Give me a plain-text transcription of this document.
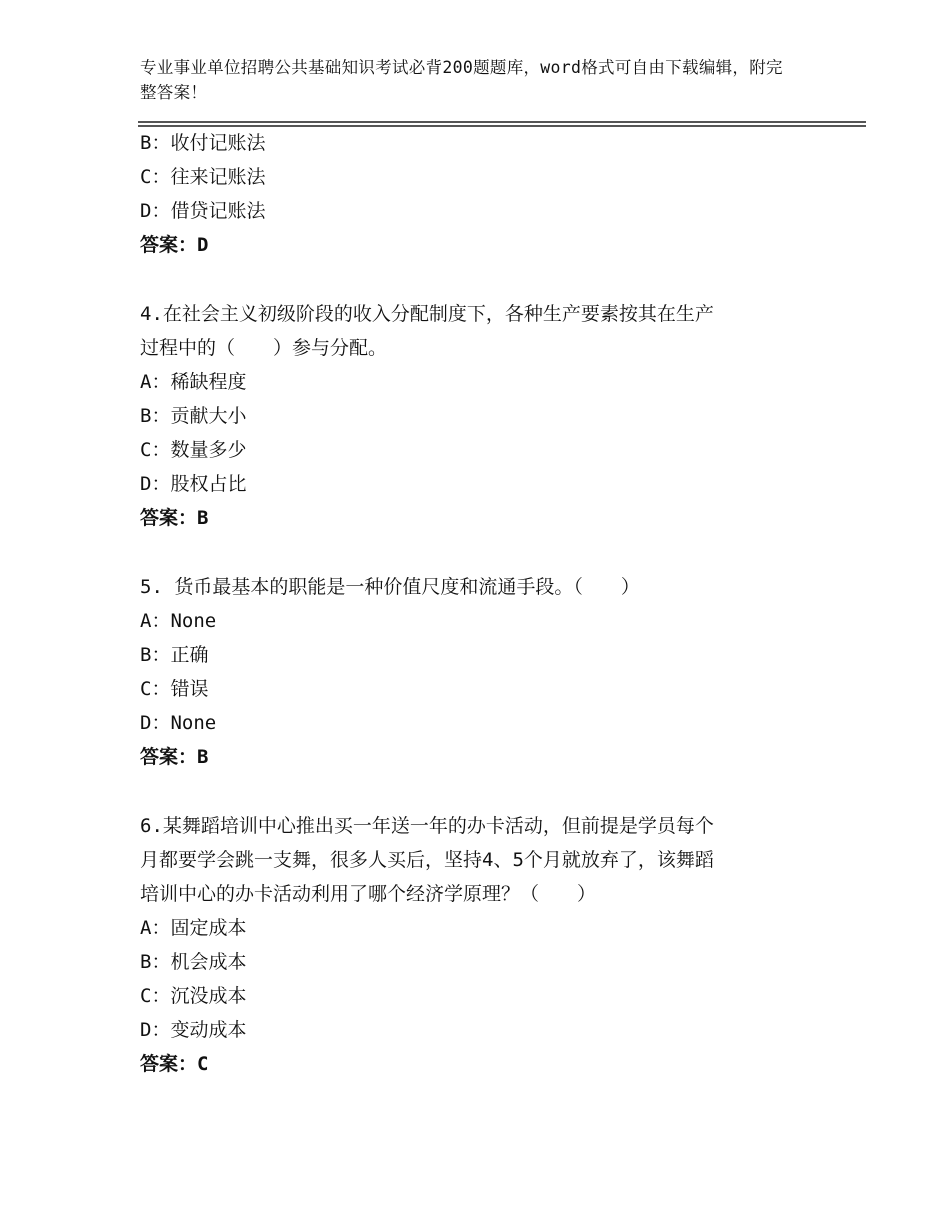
专业事业单位招聘公共基础知识考试必背200题题库，word格式可自由下载编辑，附完整答案！
B：收付记账法
C：往来记账法
D：借贷记账法
答案：D
4.在社会主义初级阶段的收入分配制度下，各种生产要素按其在生产
过程中的（　　）参与分配。
A：稀缺程度
B：贡献大小
C：数量多少
D：股权占比
答案：B
5. 货币最基本的职能是一种价值尺度和流通手段。（　　）
A：None
B：正确
C：错误
D：None
答案：B
6.某舞蹈培训中心推出买一年送一年的办卡活动，但前提是学员每个
月都要学会跳一支舞，很多人买后，坚持4、5个月就放弃了，该舞蹈
培训中心的办卡活动利用了哪个经济学原理？（　　）
A：固定成本
B：机会成本
C：沉没成本
D：变动成本
答案：C
